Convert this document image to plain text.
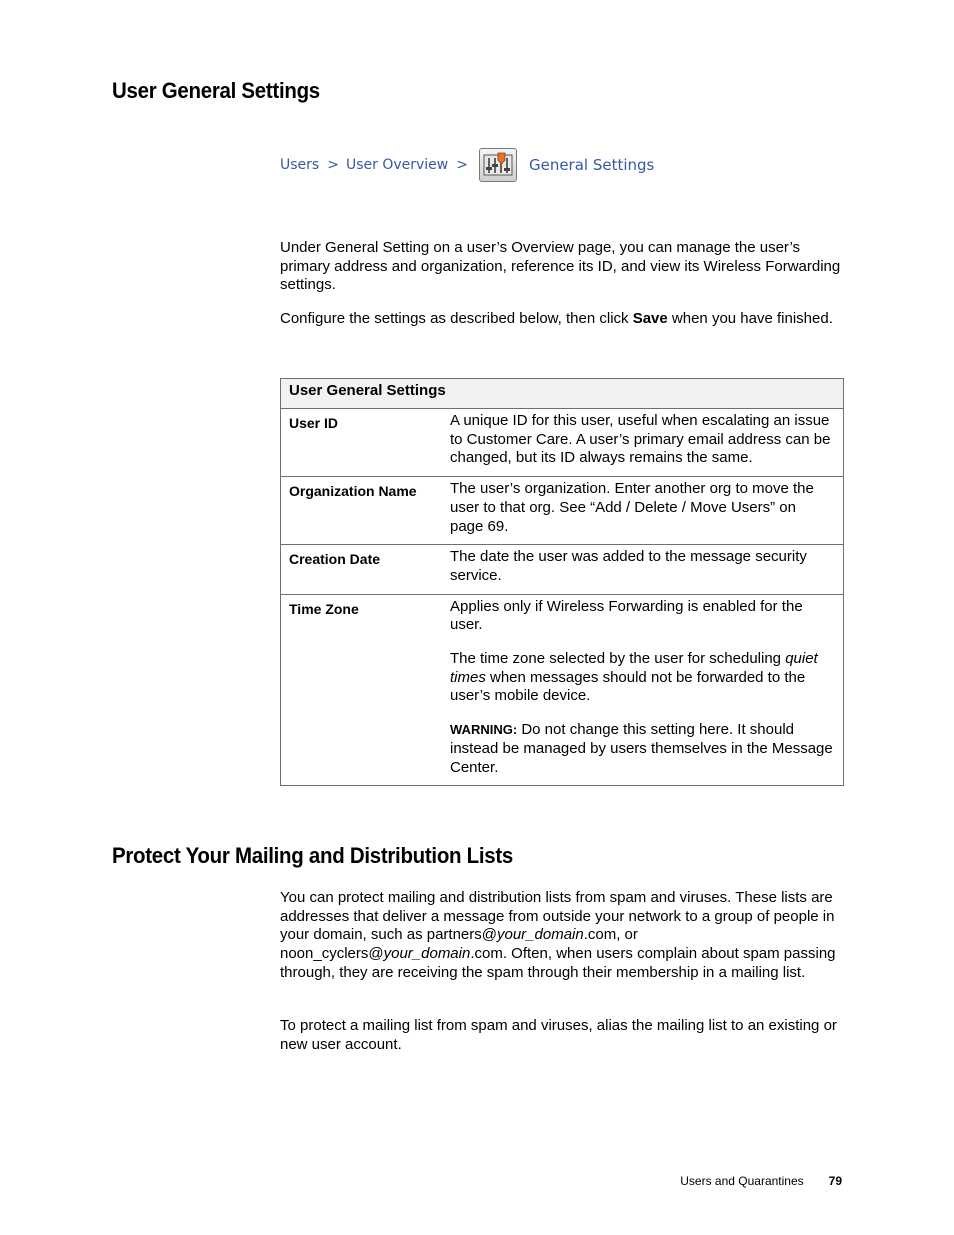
User General Settings
Users > User Overview >	General Settings

Under General Setting on a user’s Overview page, you can manage the user’s primary address and organization, reference its ID, and view its Wireless Forwarding settings.

Configure the settings as described below, then click Save when you have finished.

User General Settings	
User ID	A unique ID for this user, useful when escalating an issue to Customer Care. A user’s primary email address can be changed, but its ID always remains the same.
Organization Name	The user’s organization. Enter another org to move the user to that org. See “Add / Delete / Move Users” on page 69.
Creation Date	The date the user was added to the message security service.
Time Zone	Applies only if Wireless Forwarding is enabled for the user.

The time zone selected by the user for scheduling quiet times when messages should not be forwarded to the user’s mobile device.

WARNING: Do not change this setting here. It should instead be managed by users themselves in the Message Center.

Protect Your Mailing and Distribution Lists

You can protect mailing and distribution lists from spam and viruses. These lists are addresses that deliver a message from outside your network to a group of people in your domain, such as partners@your_domain.com, or noon_cyclers@your_domain.com. Often, when users complain about spam passing through, they are receiving the spam through their membership in a mailing list.

To protect a mailing list from spam and viruses, alias the mailing list to an existing or new user account.

Users and Quarantines 79
